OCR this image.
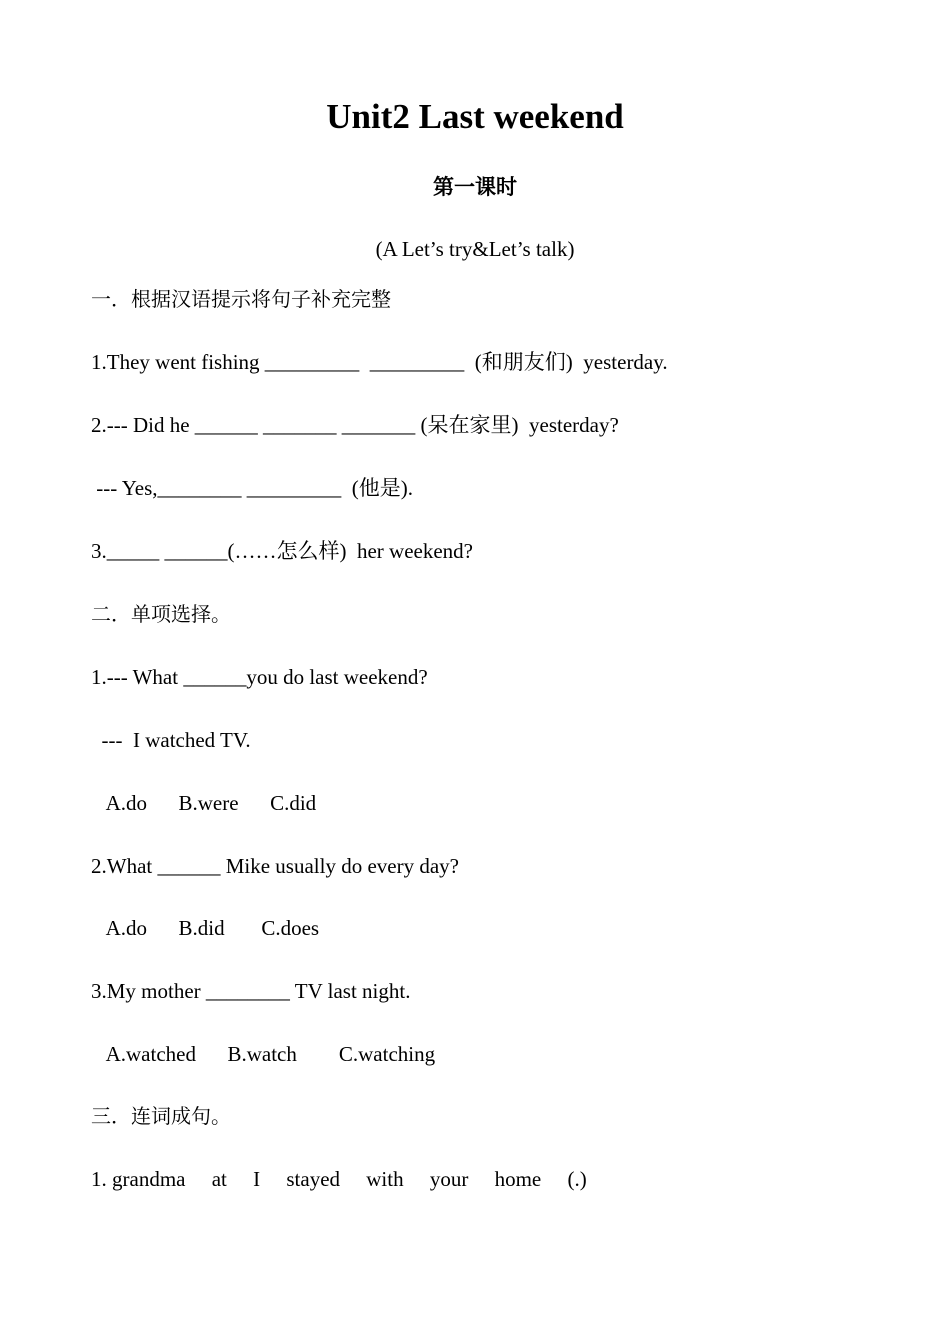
Unit2 Last weekend
第一课时
(A Let’s try&Let’s talk)
一．根据汉语提示将句子补充完整
1.They went fishing _________  _________  (和朋友们)  yesterday.
2.--- Did he ______ _______ _______ (呆在家里)  yesterday?
--- Yes,________ _________  (他是).
3._____ ______(……怎么样)  her weekend?
二．单项选择。
1.--- What ______you do last weekend?
---  I watched TV.
A.do      B.were      C.did
2.What ______ Mike usually do every day?
A.do      B.did       C.does
3.My mother ________ TV last night.
A.watched      B.watch        C.watching
三．连词成句。
1. grandma     at     I     stayed     with     your     home     (.)
